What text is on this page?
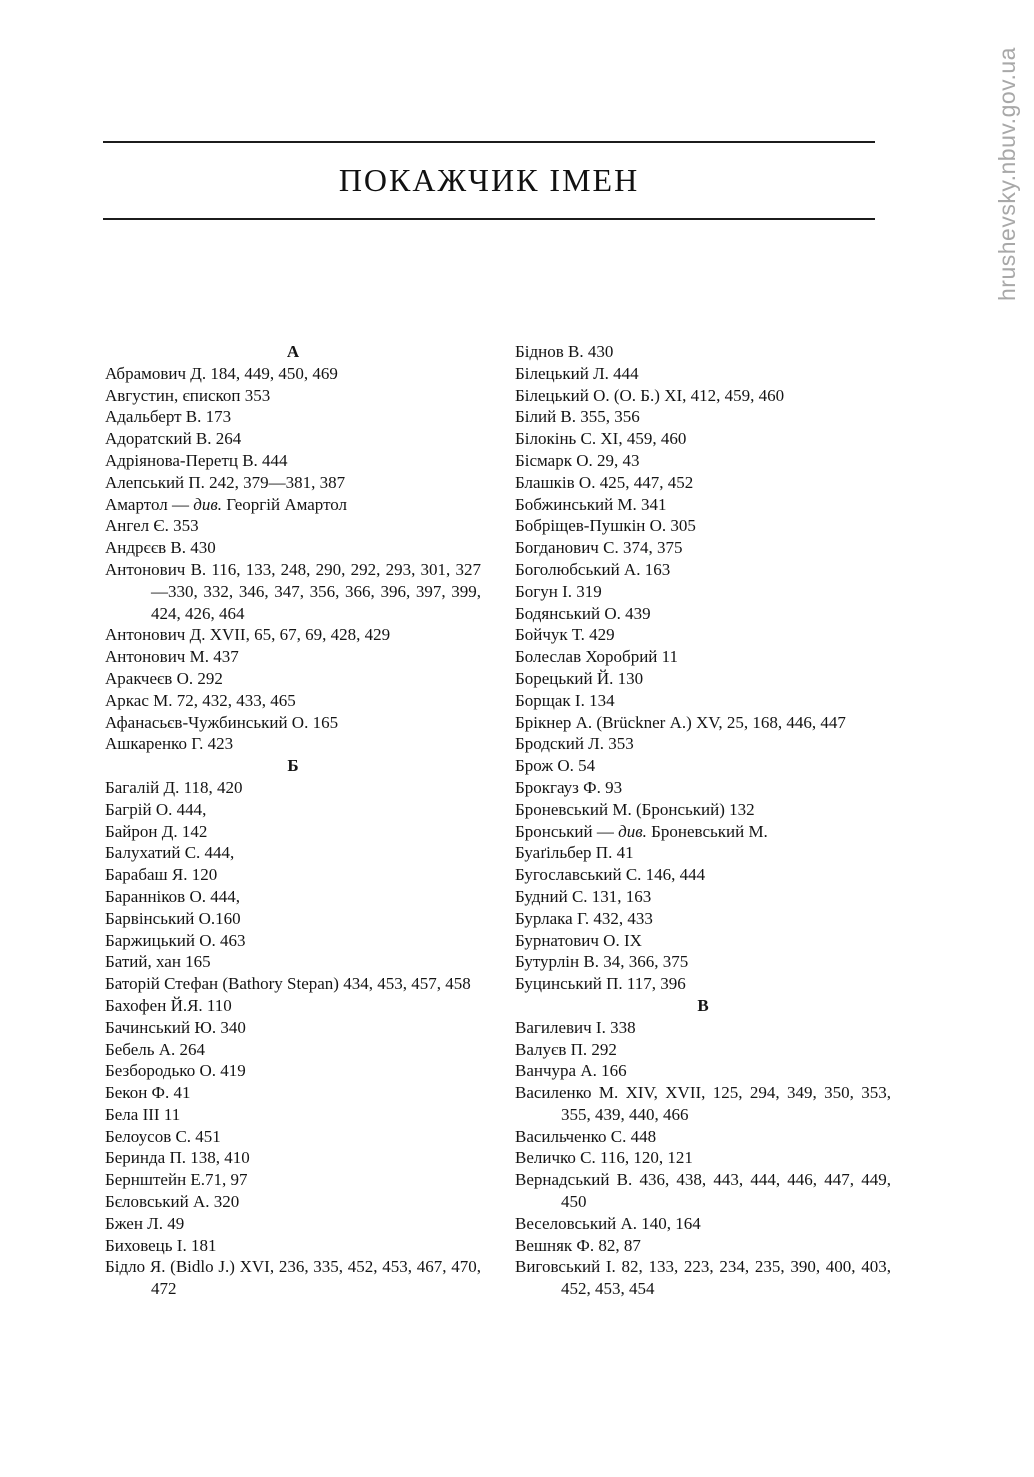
hrushevsky.nbuv.gov.ua
ПОКАЖЧИК ІМЕН
А
Абрамович Д. 184, 449, 450, 469
Августин, єпископ 353
Адальберт В. 173
Адоратский В. 264
Адріянова-Перетц В. 444
Алепський П. 242, 379—381, 387
Амартол — див. Георгій Амартол
Ангел Є. 353
Андрєєв В. 430
Антонович В. 116, 133, 248, 290, 292, 293, 301, 327—330, 332, 346, 347, 356, 366, 396, 397, 399, 424, 426, 464
Антонович Д. XVII, 65, 67, 69, 428, 429
Антонович М. 437
Аракчеєв О. 292
Аркас М. 72, 432, 433, 465
Афанасьєв-Чужбинський О. 165
Ашкаренко Г. 423
Б
Багалій Д. 118, 420
Багрій О. 444,
Байрон Д. 142
Балухатий С. 444,
Барабаш Я. 120
Баранніков О. 444,
Барвінський О.160
Баржицький О. 463
Батий, хан 165
Баторій Стефан (Bathory Stepan) 434, 453, 457, 458
Бахофен Й.Я. 110
Бачинський Ю. 340
Бебель А. 264
Безбородько О. 419
Бекон Ф. 41
Бела III 11
Белоусов С. 451
Беринда П. 138, 410
Бернштейн Е.71, 97
Бєловський А. 320
Бжен Л. 49
Биховець І. 181
Бідло Я. (Bidlo J.) XVI, 236, 335, 452, 453, 467, 470, 472
Біднов В. 430
Білецький Л. 444
Білецький О. (О. Б.) XI, 412, 459, 460
Білий В. 355, 356
Білокінь С. XI, 459, 460
Бісмарк О. 29, 43
Блашків О. 425, 447, 452
Бобжинський М. 341
Бобріщев-Пушкін О. 305
Богданович С. 374, 375
Боголюбський А. 163
Богун І. 319
Бодянський О. 439
Бойчук Т. 429
Болеслав Хоробрий 11
Борецький Й. 130
Борщак І. 134
Брікнер А. (Brückner А.) XV, 25, 168, 446, 447
Бродский Л. 353
Брож О. 54
Брокгауз Ф. 93
Броневський М. (Бронський) 132
Бронський — див. Броневський М.
Буаґільбер П. 41
Бугославський С. 146, 444
Будний С. 131, 163
Бурлака Г. 432, 433
Бурнатович О. IX
Бутурлін В. 34, 366, 375
Буцинський П. 117, 396
В
Вагилевич І. 338
Валуєв П. 292
Ванчура А. 166
Василенко М. XIV, XVII, 125, 294, 349, 350, 353, 355, 439, 440, 466
Васильченко С. 448
Величко С. 116, 120, 121
Вернадський В. 436, 438, 443, 444, 446, 447, 449, 450
Веселовський А. 140, 164
Вешняк Ф. 82, 87
Виговський І. 82, 133, 223, 234, 235, 390, 400, 403, 452, 453, 454
